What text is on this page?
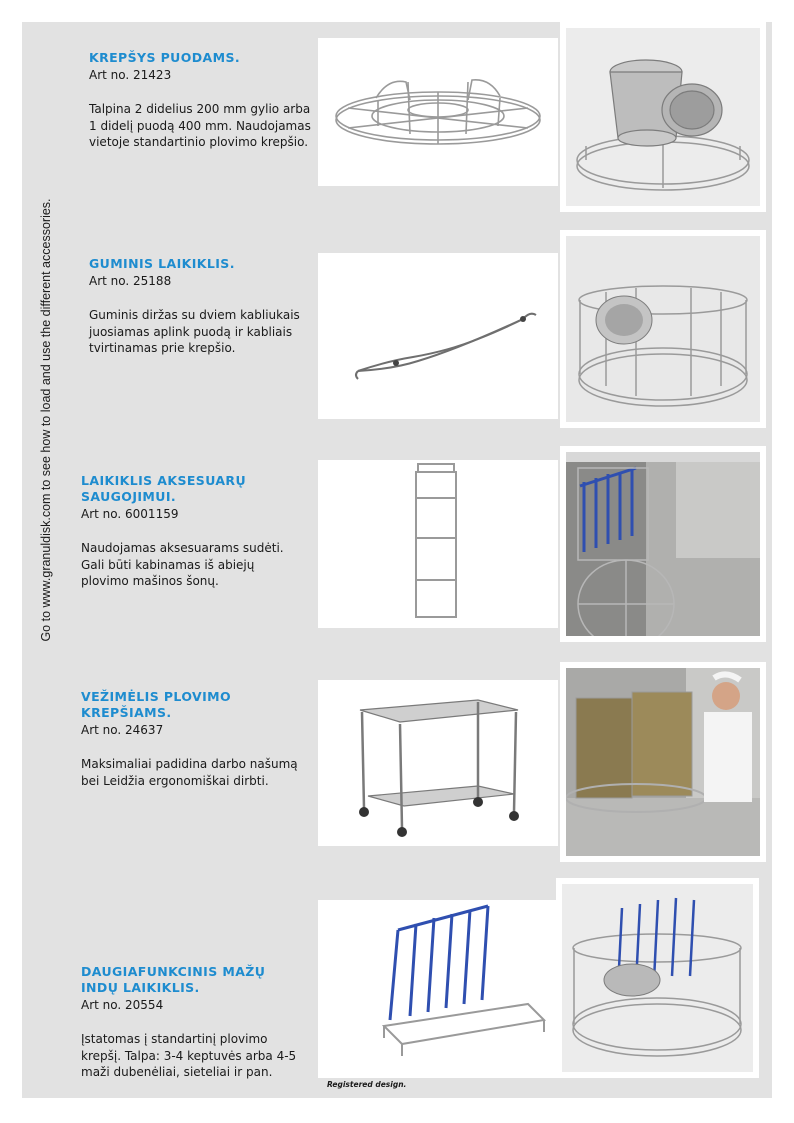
Go to www.granuldisk.com to see how to load and use the different accessories.
KREPŠYS PUODAMS.
Art no. 21423
Talpina 2 didelius 200 mm gylio arba 1 didelį puodą 400 mm. Naudojamas vietoje standartinio plovimo krepšio.
GUMINIS LAIKIKLIS.
Art no. 25188
Guminis diržas su dviem kabliukais juosiamas aplink puodą ir kabliais tvirtinamas prie krepšio.
LAIKIKLIS AKSESUARŲ SAUGOJIMUI.
Art no. 6001159
Naudojamas aksesuarams sudėti. Gali būti kabinamas iš abiejų plovimo mašinos šonų.
VEŽIMĖLIS PLOVIMO KREPŠIAMS.
Art no. 24637
Maksimaliai padidina darbo našumą bei Leidžia ergonomiškai dirbti.
DAUGIAFUNKCINIS MAŽŲ INDŲ LAIKIKLIS.
Art no. 20554
Įstatomas į standartinį plovimo krepšį. Talpa: 3-4 keptuvės arba 4-5 maži dubenėliai, sieteliai ir pan.
Registered design.
